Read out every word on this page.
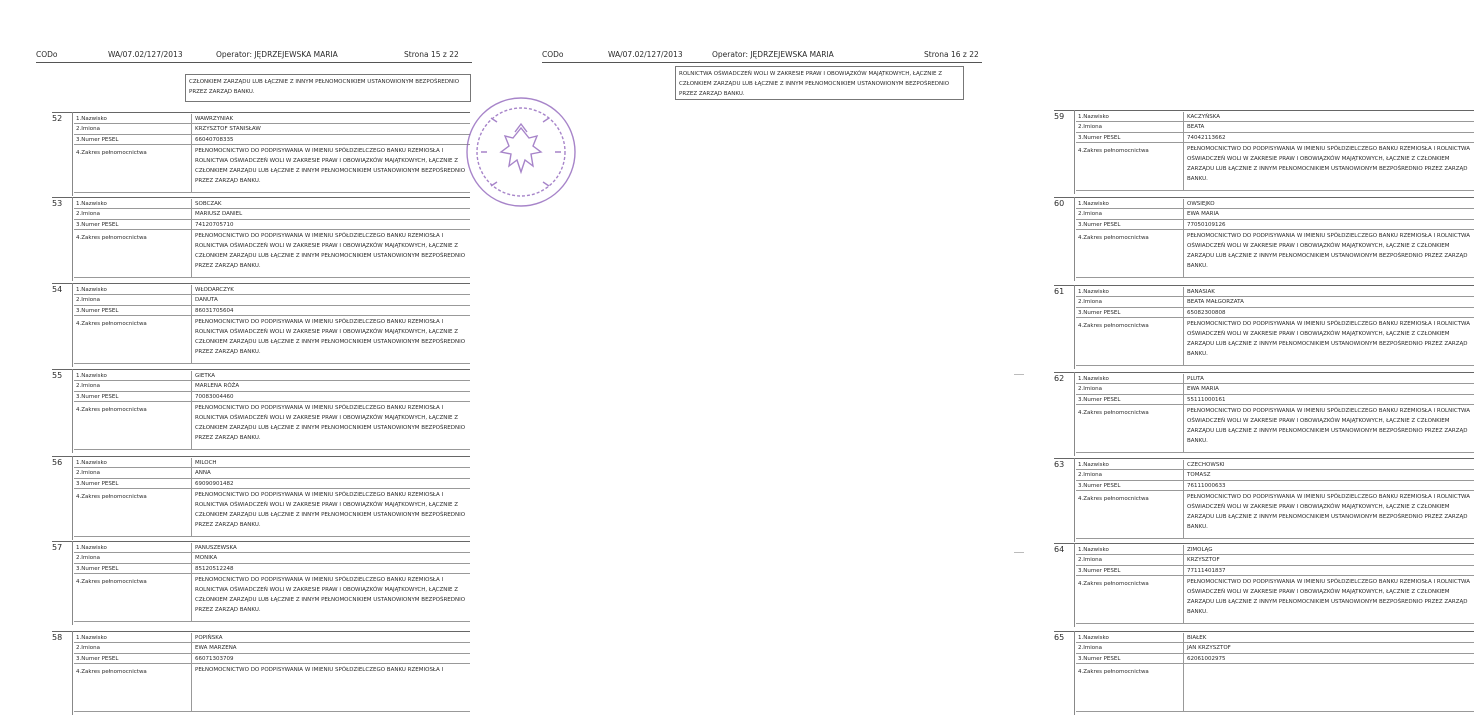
CODo	WA/07.02/127/2013	Operator: JĘDRZEJEWSKA MARIA	Strona 15 z 22
CZŁONKIEM ZARZĄDU LUB ŁĄCZNIE Z INNYM PEŁNOMOCNIKIEM USTANOWIONYM BEZPOŚREDNIO PRZEZ ZARZĄD BANKU.
52	1.Nazwisko	WAWRZYNIAK
2.Imiona	KRZYSZTOF STANISŁAW
3.Numer PESEL	66040708335
4.Zakres pełnomocnictwa	PEŁNOMOCNICTWO DO PODPISYWANIA W IMIENIU SPÓŁDZIELCZEGO BANKU RZEMIOSŁA I ROLNICTWA OŚWIADCZEŃ WOLI W ZAKRESIE PRAW I OBOWIĄZKÓW MAJĄTKOWYCH, ŁĄCZNIE Z CZŁONKIEM ZARZĄDU LUB ŁĄCZNIE Z INNYM PEŁNOMOCNIKIEM USTANOWIONYM BEZPOŚREDNIO PRZEZ ZARZĄD BANKU.
53	1.Nazwisko	SOBCZAK
2.Imiona	MARIUSZ DANIEL
3.Numer PESEL	74120705710
4.Zakres pełnomocnictwa	PEŁNOMOCNICTWO DO PODPISYWANIA W IMIENIU SPÓŁDZIELCZEGO BANKU RZEMIOSŁA I ROLNICTWA OŚWIADCZEŃ WOLI W ZAKRESIE PRAW I OBOWIĄZKÓW MAJĄTKOWYCH, ŁĄCZNIE Z CZŁONKIEM ZARZĄDU LUB ŁĄCZNIE Z INNYM PEŁNOMOCNIKIEM USTANOWIONYM BEZPOŚREDNIO PRZEZ ZARZĄD BANKU.
54	1.Nazwisko	WŁODARCZYK
2.Imiona	DANUTA
3.Numer PESEL	86031705604
4.Zakres pełnomocnictwa	PEŁNOMOCNICTWO DO PODPISYWANIA W IMIENIU SPÓŁDZIELCZEGO BANKU RZEMIOSŁA I ROLNICTWA OŚWIADCZEŃ WOLI W ZAKRESIE PRAW I OBOWIĄZKÓW MAJĄTKOWYCH, ŁĄCZNIE Z CZŁONKIEM ZARZĄDU LUB ŁĄCZNIE Z INNYM PEŁNOMOCNIKIEM USTANOWIONYM BEZPOŚREDNIO PRZEZ ZARZĄD BANKU.
55	1.Nazwisko	GIETKA
2.Imiona	MARLENA RÓŻA
3.Numer PESEL	70083004460
4.Zakres pełnomocnictwa	PEŁNOMOCNICTWO DO PODPISYWANIA W IMIENIU SPÓŁDZIELCZEGO BANKU RZEMIOSŁA I ROLNICTWA OŚWIADCZEŃ WOLI W ZAKRESIE PRAW I OBOWIĄZKÓW MAJĄTKOWYCH, ŁĄCZNIE Z CZŁONKIEM ZARZĄDU LUB ŁĄCZNIE Z INNYM PEŁNOMOCNIKIEM USTANOWIONYM BEZPOŚREDNIO PRZEZ ZARZĄD BANKU.
56	1.Nazwisko	MILOCH
2.Imiona	ANNA
3.Numer PESEL	69090901482
4.Zakres pełnomocnictwa	PEŁNOMOCNICTWO DO PODPISYWANIA W IMIENIU SPÓŁDZIELCZEGO BANKU RZEMIOSŁA I ROLNICTWA OŚWIADCZEŃ WOLI W ZAKRESIE PRAW I OBOWIĄZKÓW MAJĄTKOWYCH, ŁĄCZNIE Z CZŁONKIEM ZARZĄDU LUB ŁĄCZNIE Z INNYM PEŁNOMOCNIKIEM USTANOWIONYM BEZPOŚREDNIO PRZEZ ZARZĄD BANKU.
57	1.Nazwisko	PANUSZEWSKA
2.Imiona	MONIKA
3.Numer PESEL	85120512248
4.Zakres pełnomocnictwa	PEŁNOMOCNICTWO DO PODPISYWANIA W IMIENIU SPÓŁDZIELCZEGO BANKU RZEMIOSŁA I ROLNICTWA OŚWIADCZEŃ WOLI W ZAKRESIE PRAW I OBOWIĄZKÓW MAJĄTKOWYCH, ŁĄCZNIE Z CZŁONKIEM ZARZĄDU LUB ŁĄCZNIE Z INNYM PEŁNOMOCNIKIEM USTANOWIONYM BEZPOŚREDNIO PRZEZ ZARZĄD BANKU.
58	1.Nazwisko	POPIŃSKA
2.Imiona	EWA MARZENA
3.Numer PESEL	66071303709
4.Zakres pełnomocnictwa	PEŁNOMOCNICTWO DO PODPISYWANIA W IMIENIU SPÓŁDZIELCZEGO BANKU RZEMIOSŁA I
CODo	WA/07.02/127/2013	Operator: JĘDRZEJEWSKA MARIA	Strona 16 z 22
ROLNICTWA OŚWIADCZEŃ WOLI W ZAKRESIE PRAW I OBOWIĄZKÓW MAJĄTKOWYCH, ŁĄCZNIE Z CZŁONKIEM ZARZĄDU LUB ŁĄCZNIE Z INNYM PEŁNOMOCNIKIEM USTANOWIONYM BEZPOŚREDNIO PRZEZ ZARZĄD BANKU.
59	1.Nazwisko	KACZYŃSKA
2.Imiona	BEATA
3.Numer PESEL	74042113662
4.Zakres pełnomocnictwa	PEŁNOMOCNICTWO DO PODPISYWANIA W IMIENIU SPÓŁDZIELCZEGO BANKU RZEMIOSŁA I ROLNICTWA OŚWIADCZEŃ WOLI W ZAKRESIE PRAW I OBOWIĄZKÓW MAJĄTKOWYCH, ŁĄCZNIE Z CZŁONKIEM ZARZĄDU LUB ŁĄCZNIE Z INNYM PEŁNOMOCNIKIEM USTANOWIONYM BEZPOŚREDNIO PRZEZ ZARZĄD BANKU.
60	1.Nazwisko	OWSIEJKO
2.Imiona	EWA MARIA
3.Numer PESEL	77050109126
4.Zakres pełnomocnictwa	PEŁNOMOCNICTWO DO PODPISYWANIA W IMIENIU SPÓŁDZIELCZEGO BANKU RZEMIOSŁA I ROLNICTWA OŚWIADCZEŃ WOLI W ZAKRESIE PRAW I OBOWIĄZKÓW MAJĄTKOWYCH, ŁĄCZNIE Z CZŁONKIEM ZARZĄDU LUB ŁĄCZNIE Z INNYM PEŁNOMOCNIKIEM USTANOWIONYM BEZPOŚREDNIO PRZEZ ZARZĄD BANKU.
61	1.Nazwisko	BANASIAK
2.Imiona	BEATA MAŁGORZATA
3.Numer PESEL	65082300808
4.Zakres pełnomocnictwa	PEŁNOMOCNICTWO DO PODPISYWANIA W IMIENIU SPÓŁDZIELCZEGO BANKU RZEMIOSŁA I ROLNICTWA OŚWIADCZEŃ WOLI W ZAKRESIE PRAW I OBOWIĄZKÓW MAJĄTKOWYCH, ŁĄCZNIE Z CZŁONKIEM ZARZĄDU LUB ŁĄCZNIE Z INNYM PEŁNOMOCNIKIEM USTANOWIONYM BEZPOŚREDNIO PRZEZ ZARZĄD BANKU.
62	1.Nazwisko	PLUTA
2.Imiona	EWA MARIA
3.Numer PESEL	55111000161
4.Zakres pełnomocnictwa	PEŁNOMOCNICTWO DO PODPISYWANIA W IMIENIU SPÓŁDZIELCZEGO BANKU RZEMIOSŁA I ROLNICTWA OŚWIADCZEŃ WOLI W ZAKRESIE PRAW I OBOWIĄZKÓW MAJĄTKOWYCH, ŁĄCZNIE Z CZŁONKIEM ZARZĄDU LUB ŁĄCZNIE Z INNYM PEŁNOMOCNIKIEM USTANOWIONYM BEZPOŚREDNIO PRZEZ ZARZĄD BANKU.
63	1.Nazwisko	CZECHOWSKI
2.Imiona	TOMASZ
3.Numer PESEL	76111000633
4.Zakres pełnomocnictwa	PEŁNOMOCNICTWO DO PODPISYWANIA W IMIENIU SPÓŁDZIELCZEGO BANKU RZEMIOSŁA I ROLNICTWA OŚWIADCZEŃ WOLI W ZAKRESIE PRAW I OBOWIĄZKÓW MAJĄTKOWYCH, ŁĄCZNIE Z CZŁONKIEM ZARZĄDU LUB ŁĄCZNIE Z INNYM PEŁNOMOCNIKIEM USTANOWIONYM BEZPOŚREDNIO PRZEZ ZARZĄD BANKU.
64	1.Nazwisko	ZIMOLĄG
2.Imiona	KRZYSZTOF
3.Numer PESEL	77111401837
4.Zakres pełnomocnictwa	PEŁNOMOCNICTWO DO PODPISYWANIA W IMIENIU SPÓŁDZIELCZEGO BANKU RZEMIOSŁA I ROLNICTWA OŚWIADCZEŃ WOLI W ZAKRESIE PRAW I OBOWIĄZKÓW MAJĄTKOWYCH, ŁĄCZNIE Z CZŁONKIEM ZARZĄDU LUB ŁĄCZNIE Z INNYM PEŁNOMOCNIKIEM USTANOWIONYM BEZPOŚREDNIO PRZEZ ZARZĄD BANKU.
65	1.Nazwisko	BIAŁEK
2.Imiona	JAN KRZYSZTOF
3.Numer PESEL	62061002975
4.Zakres pełnomocnictwa
